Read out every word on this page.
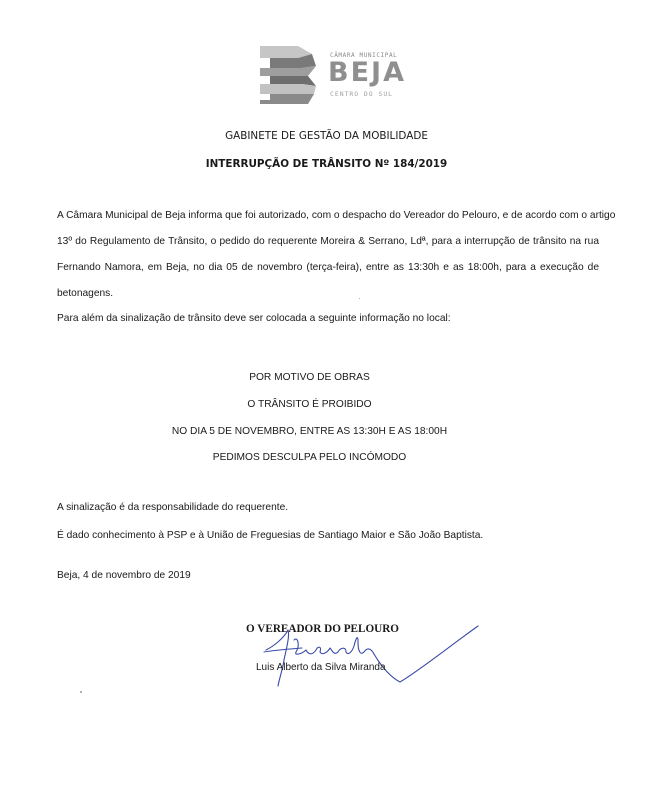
CÂMARA MUNICIPAL
BEJA
CENTRO DO SUL
GABINETE DE GESTÃO DA MOBILIDADE
INTERRUPÇÃO DE TRÂNSITO Nº 184/2019
A Câmara Municipal de Beja informa que foi autorizado, com o despacho do Vereador do Pelouro, e de acordo com o artigo
13º do Regulamento de Trânsito, o pedido do requerente Moreira & Serrano, Ldª, para a interrupção de trânsito na rua
Fernando Namora, em Beja, no dia 05 de novembro (terça-feira), entre as 13:30h e as 18:00h, para a execução de
betonagens.
Para além da sinalização de trânsito deve ser colocada a seguinte informação no local:
POR MOTIVO DE OBRAS
O TRÂNSITO É PROIBIDO
NO DIA 5 DE NOVEMBRO, ENTRE AS 13:30H E AS 18:00H
PEDIMOS DESCULPA PELO INCÓMODO
A sinalização é da responsabilidade do requerente.
É dado conhecimento à PSP e à União de Freguesias de Santiago Maior e São João Baptista.
Beja, 4 de novembro de 2019
O VEREADOR DO PELOURO
Luis Alberto da Silva Miranda
